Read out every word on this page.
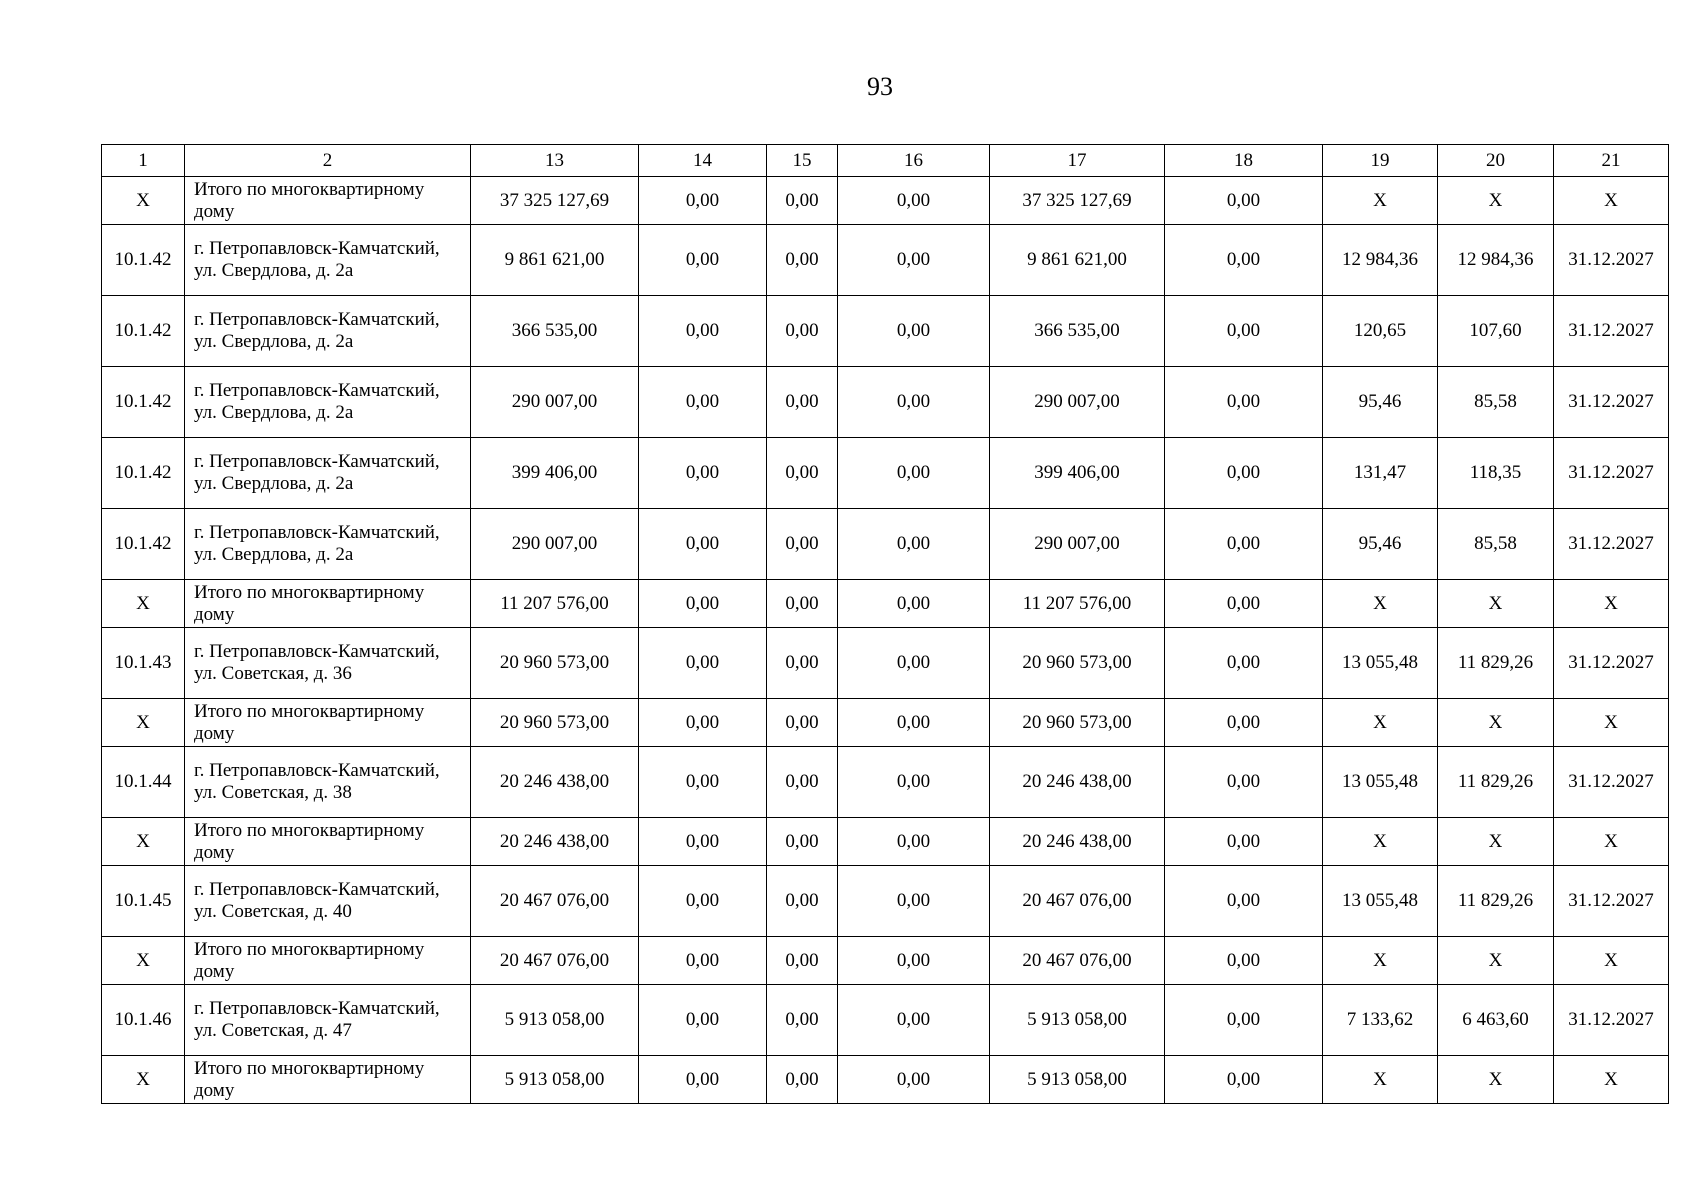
93
1	2	13	14	15	16	17	18	19	20	21
X	Итого по многоквартирному дому	37 325 127,69	0,00	0,00	0,00	37 325 127,69	0,00	X	X	X
10.1.42	г. Петропавловск-Камчатский, ул. Свердлова, д. 2а	9 861 621,00	0,00	0,00	0,00	9 861 621,00	0,00	12 984,36	12 984,36	31.12.2027
10.1.42	г. Петропавловск-Камчатский, ул. Свердлова, д. 2а	366 535,00	0,00	0,00	0,00	366 535,00	0,00	120,65	107,60	31.12.2027
10.1.42	г. Петропавловск-Камчатский, ул. Свердлова, д. 2а	290 007,00	0,00	0,00	0,00	290 007,00	0,00	95,46	85,58	31.12.2027
10.1.42	г. Петропавловск-Камчатский, ул. Свердлова, д. 2а	399 406,00	0,00	0,00	0,00	399 406,00	0,00	131,47	118,35	31.12.2027
10.1.42	г. Петропавловск-Камчатский, ул. Свердлова, д. 2а	290 007,00	0,00	0,00	0,00	290 007,00	0,00	95,46	85,58	31.12.2027
X	Итого по многоквартирному дому	11 207 576,00	0,00	0,00	0,00	11 207 576,00	0,00	X	X	X
10.1.43	г. Петропавловск-Камчатский, ул. Советская, д. 36	20 960 573,00	0,00	0,00	0,00	20 960 573,00	0,00	13 055,48	11 829,26	31.12.2027
X	Итого по многоквартирному дому	20 960 573,00	0,00	0,00	0,00	20 960 573,00	0,00	X	X	X
10.1.44	г. Петропавловск-Камчатский, ул. Советская, д. 38	20 246 438,00	0,00	0,00	0,00	20 246 438,00	0,00	13 055,48	11 829,26	31.12.2027
X	Итого по многоквартирному дому	20 246 438,00	0,00	0,00	0,00	20 246 438,00	0,00	X	X	X
10.1.45	г. Петропавловск-Камчатский, ул. Советская, д. 40	20 467 076,00	0,00	0,00	0,00	20 467 076,00	0,00	13 055,48	11 829,26	31.12.2027
X	Итого по многоквартирному дому	20 467 076,00	0,00	0,00	0,00	20 467 076,00	0,00	X	X	X
10.1.46	г. Петропавловск-Камчатский, ул. Советская, д. 47	5 913 058,00	0,00	0,00	0,00	5 913 058,00	0,00	7 133,62	6 463,60	31.12.2027
X	Итого по многоквартирному дому	5 913 058,00	0,00	0,00	0,00	5 913 058,00	0,00	X	X	X
